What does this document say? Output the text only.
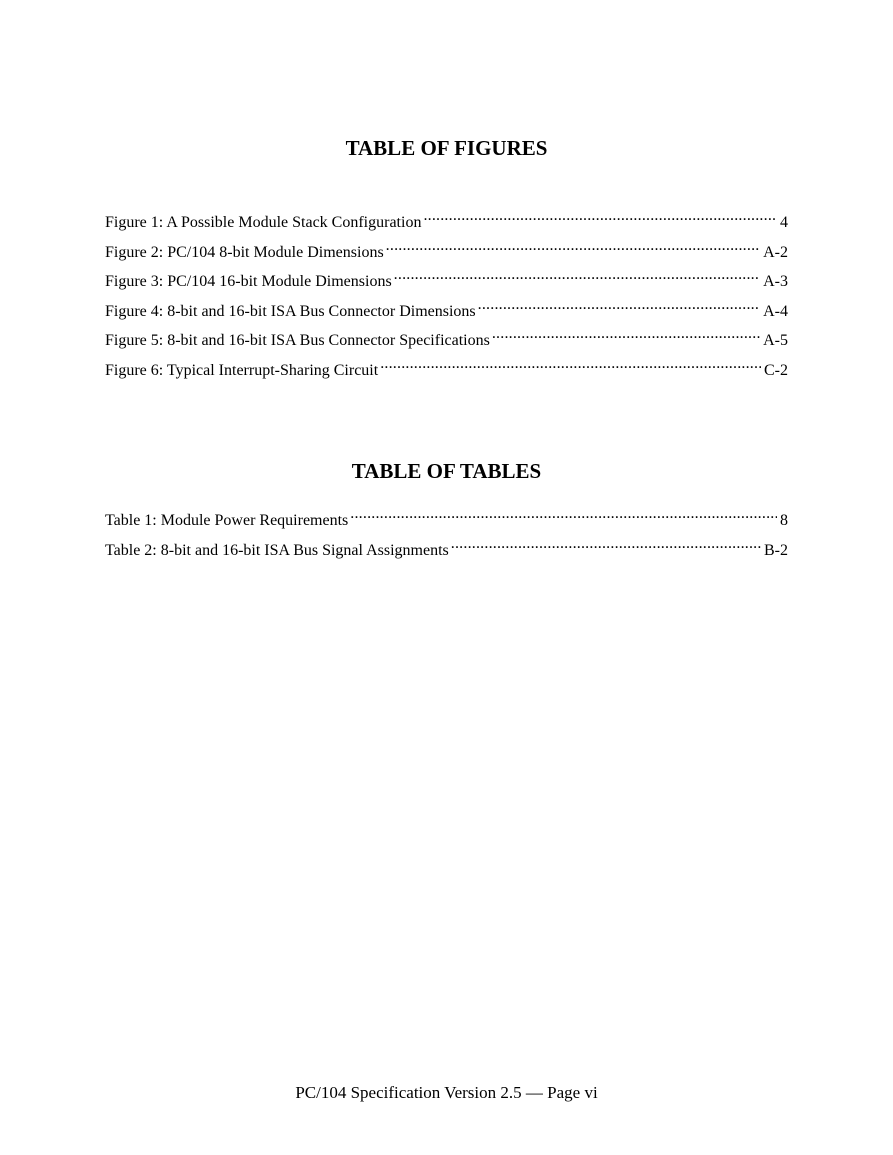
TABLE OF FIGURES
Figure 1: A Possible Module Stack Configuration .....	4
Figure 2: PC/104 8-bit Module Dimensions .....	A-2
Figure 3: PC/104 16-bit Module Dimensions .....	A-3
Figure 4: 8-bit and 16-bit ISA Bus Connector Dimensions .....	A-4
Figure 5: 8-bit and 16-bit ISA Bus Connector Specifications .....	A-5
Figure 6: Typical Interrupt-Sharing Circuit .....	C-2
TABLE OF TABLES
Table 1: Module Power Requirements .....	8
Table 2: 8-bit and 16-bit ISA Bus Signal Assignments .....	B-2
PC/104 Specification Version 2.5 — Page vi
